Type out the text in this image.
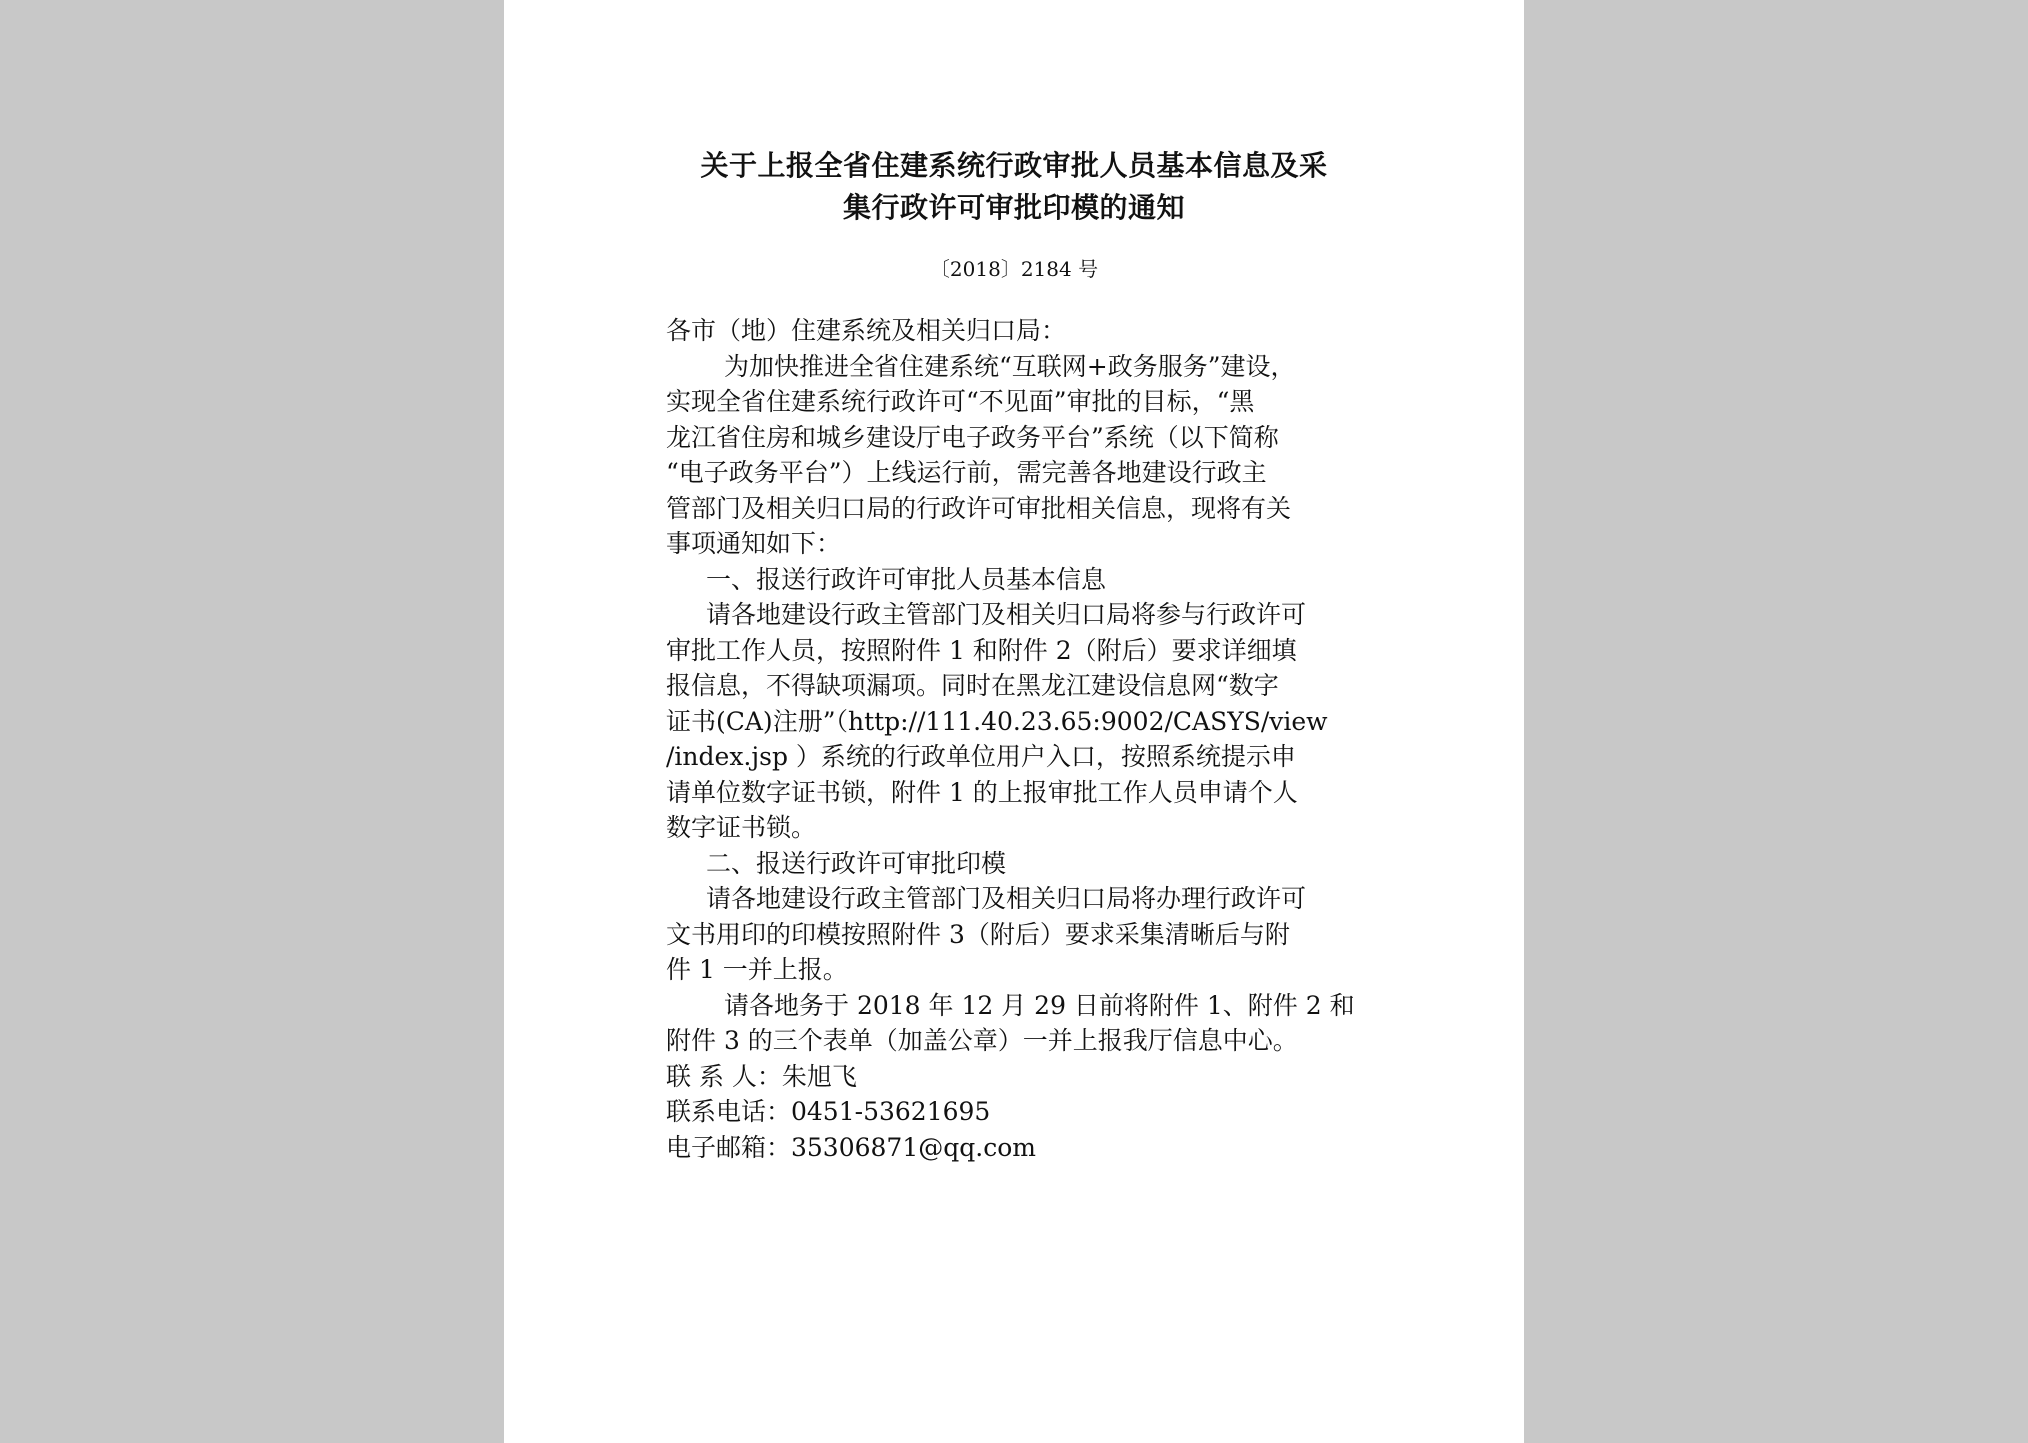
关于上报全省住建系统行政审批人员基本信息及采
集行政许可审批印模的通知
〔2018〕2184 号
各市（地）住建系统及相关归口局：
为加快推进全省住建系统“互联网+政务服务”建设，
实现全省住建系统行政许可“不见面”审批的目标，“黑
龙江省住房和城乡建设厅电子政务平台”系统（以下简称
“电子政务平台”）上线运行前，需完善各地建设行政主
管部门及相关归口局的行政许可审批相关信息，现将有关
事项通知如下：
一、报送行政许可审批人员基本信息
请各地建设行政主管部门及相关归口局将参与行政许可
审批工作人员，按照附件 1 和附件 2（附后）要求详细填
报信息，不得缺项漏项。同时在黑龙江建设信息网“数字
证书(CA)注册”（http://111.40.23.65:9002/CASYS/view
/index.jsp ）系统的行政单位用户入口，按照系统提示申
请单位数字证书锁，附件 1 的上报审批工作人员申请个人
数字证书锁。
二、报送行政许可审批印模
请各地建设行政主管部门及相关归口局将办理行政许可
文书用印的印模按照附件 3（附后）要求采集清晰后与附
件 1 一并上报。
请各地务于 2018 年 12 月 29 日前将附件 1、附件 2 和
附件 3 的三个表单（加盖公章）一并上报我厅信息中心。
联 系 人：朱旭飞
联系电话：0451-53621695
电子邮箱：35306871@qq.com
